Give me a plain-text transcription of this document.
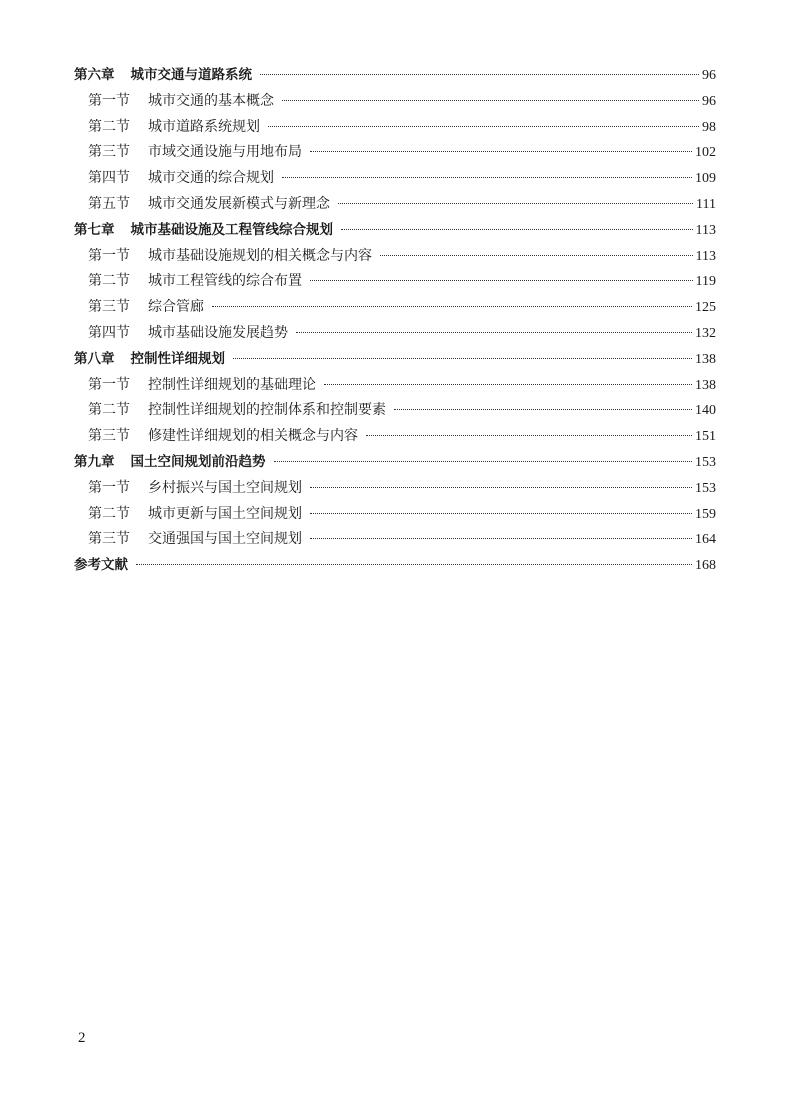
第六章 城市交通与道路系统	96
第一节 城市交通的基本概念	96
第二节 城市道路系统规划	98
第三节 市域交通设施与用地布局	102
第四节 城市交通的综合规划	109
第五节 城市交通发展新模式与新理念	111
第七章 城市基础设施及工程管线综合规划	113
第一节 城市基础设施规划的相关概念与内容	113
第二节 城市工程管线的综合布置	119
第三节 综合管廊	125
第四节 城市基础设施发展趋势	132
第八章 控制性详细规划	138
第一节 控制性详细规划的基础理论	138
第二节 控制性详细规划的控制体系和控制要素	140
第三节 修建性详细规划的相关概念与内容	151
第九章 国土空间规划前沿趋势	153
第一节 乡村振兴与国土空间规划	153
第二节 城市更新与国土空间规划	159
第三节 交通强国与国土空间规划	164
参考文献	168
2
